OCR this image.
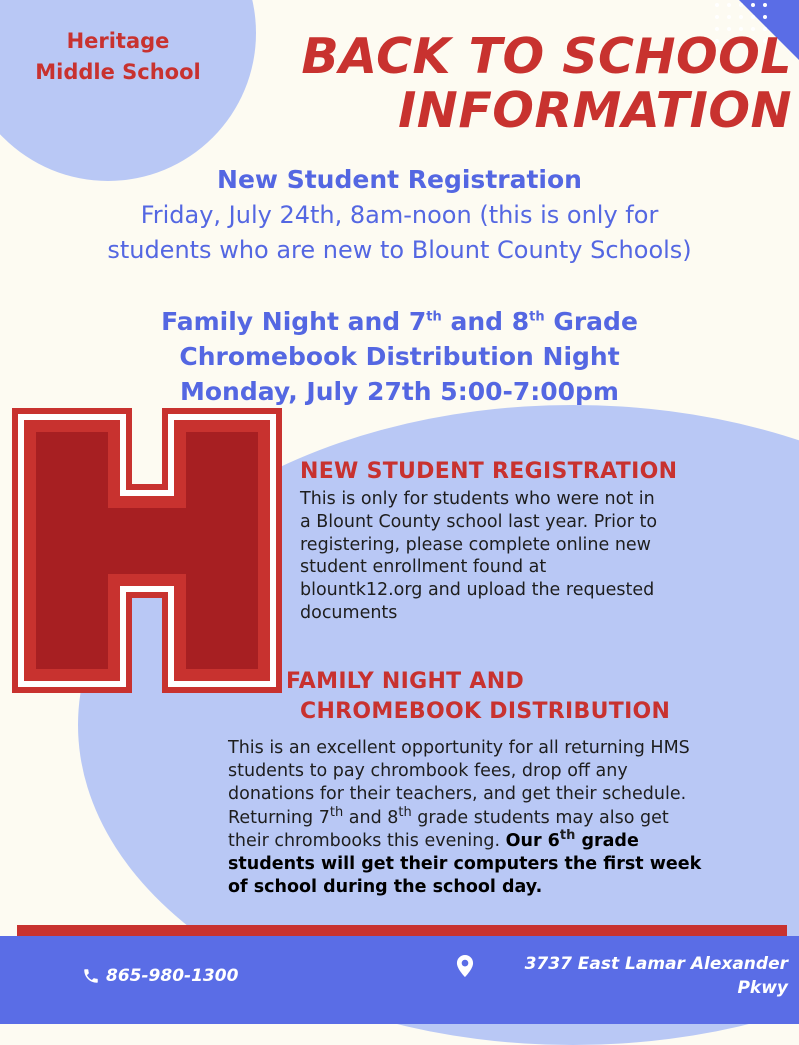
Heritage
Middle School	BACK TO SCHOOL
INFORMATION
New Student Registration
Friday, July 24th, 8am-noon (this is only for
students who are new to Blount County Schools)
Family Night and 7th and 8th Grade
Chromebook Distribution Night
Monday, July 27th 5:00-7:00pm
NEW STUDENT REGISTRATION
This is only for students who were not in
a Blount County school last year. Prior to
registering, please complete online new
student enrollment found at
blountk12.org and upload the requested
documents
FAMILY NIGHT AND
CHROMEBOOK DISTRIBUTION
This is an excellent opportunity for all returning HMS
students to pay chrombook fees, drop off any
donations for their teachers, and get their schedule.
Returning 7th and 8th grade students may also get
their chrombooks this evening. Our 6th grade
students will get their computers the first week
of school during the school day.
865-980-1300
3737 East Lamar Alexander
Pkwy
